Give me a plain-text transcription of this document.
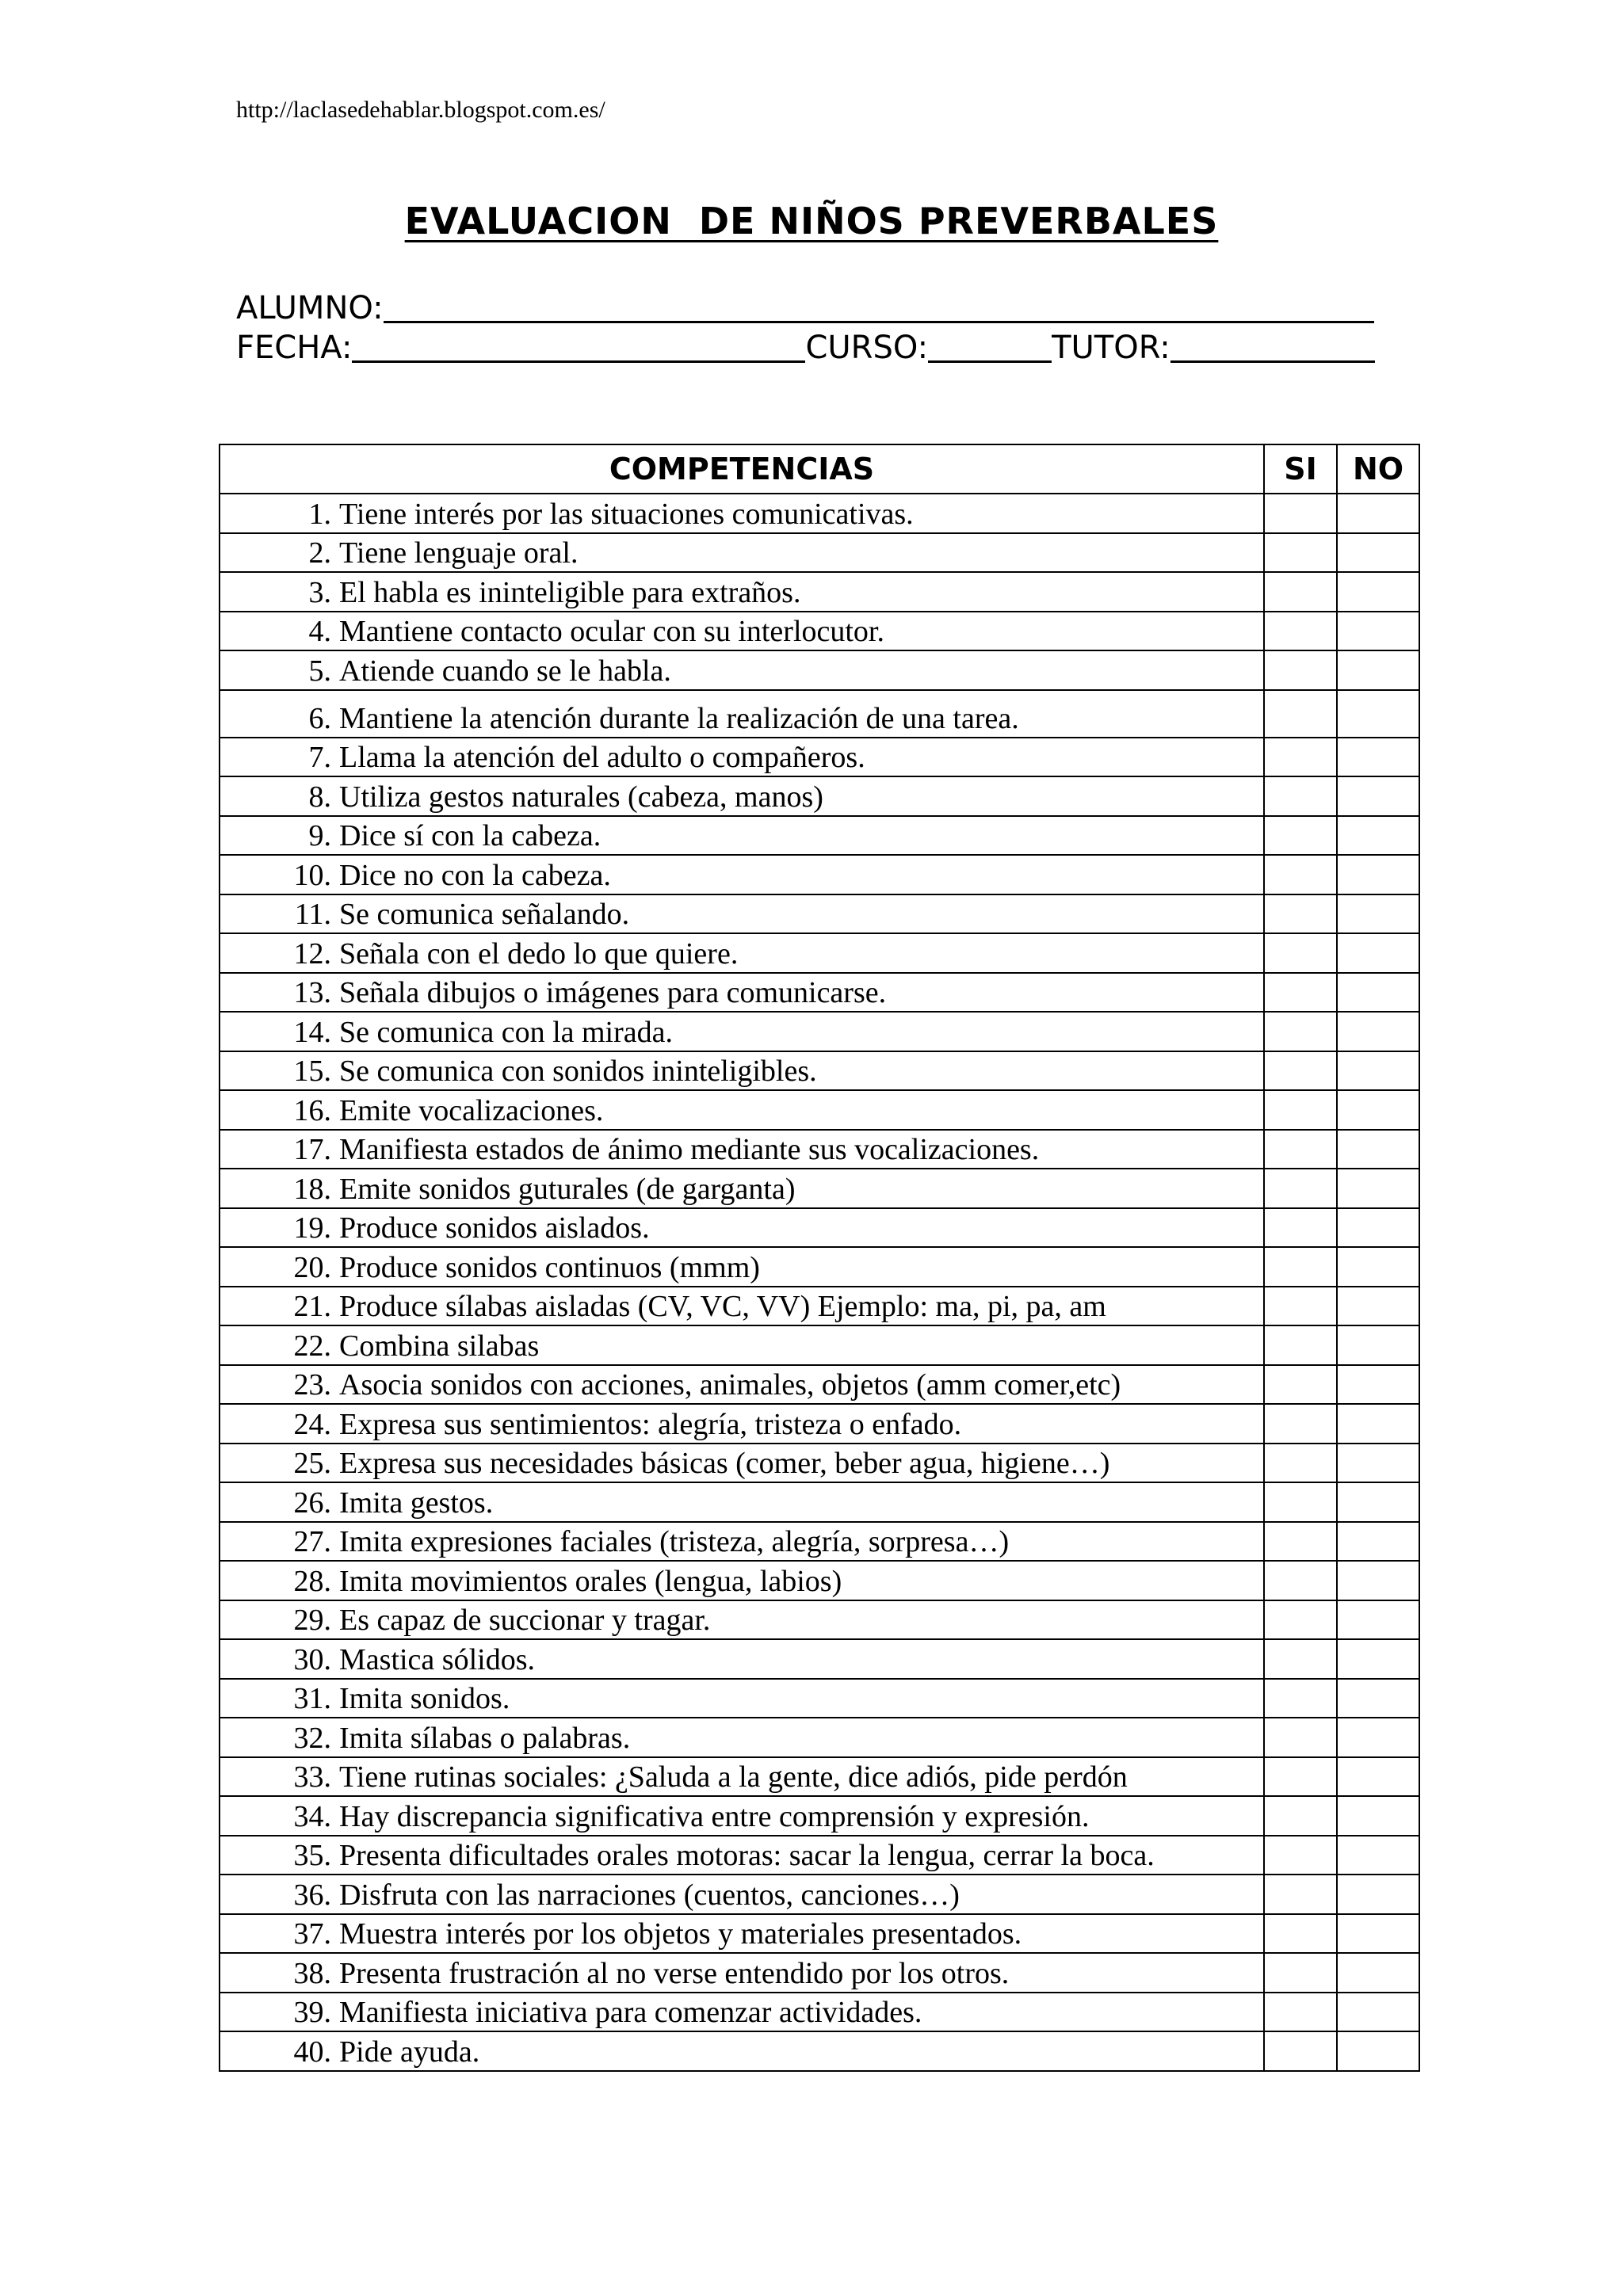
http://laclasedehablar.blogspot.com.es/
EVALUACION  DE NIÑOS PREVERBALES
ALUMNO:
FECHA:	CURSO:	TUTOR:
COMPETENCIAS	SI	NO
1. Tiene interés por las situaciones comunicativas.		
2. Tiene lenguaje oral.		
3. El habla es ininteligible para extraños.		
4. Mantiene contacto ocular con su interlocutor.		
5. Atiende cuando se le habla.		
6. Mantiene la atención durante la realización de una tarea.		
7. Llama la atención del adulto o compañeros.		
8. Utiliza gestos naturales (cabeza, manos)		
9. Dice sí con la cabeza.		
10. Dice no con la cabeza.		
11. Se comunica señalando.		
12. Señala con el dedo lo que quiere.		
13. Señala dibujos o imágenes para comunicarse.		
14. Se comunica con la mirada.		
15. Se comunica con sonidos ininteligibles.		
16. Emite vocalizaciones.		
17. Manifiesta estados de ánimo mediante sus vocalizaciones.		
18. Emite sonidos guturales (de garganta)		
19. Produce sonidos aislados.		
20. Produce sonidos continuos (mmm)		
21. Produce sílabas aisladas (CV, VC, VV) Ejemplo: ma, pi, pa, am		
22. Combina silabas		
23. Asocia sonidos con acciones, animales, objetos (amm comer,etc)		
24. Expresa sus sentimientos: alegría, tristeza o enfado.		
25. Expresa sus necesidades básicas (comer, beber agua, higiene…)		
26. Imita gestos.		
27. Imita expresiones faciales (tristeza, alegría, sorpresa…)		
28. Imita movimientos orales (lengua, labios)		
29. Es capaz de succionar y tragar.		
30. Mastica sólidos.		
31. Imita sonidos.		
32. Imita sílabas o palabras.		
33. Tiene rutinas sociales: ¿Saluda a la gente, dice adiós, pide perdón		
34. Hay discrepancia significativa entre comprensión y expresión.		
35. Presenta dificultades orales motoras: sacar la lengua, cerrar la boca.		
36. Disfruta con las narraciones (cuentos, canciones…)		
37. Muestra interés por los objetos y materiales presentados.		
38. Presenta frustración al no verse entendido por los otros.		
39. Manifiesta iniciativa para comenzar actividades.		
40. Pide ayuda.		
